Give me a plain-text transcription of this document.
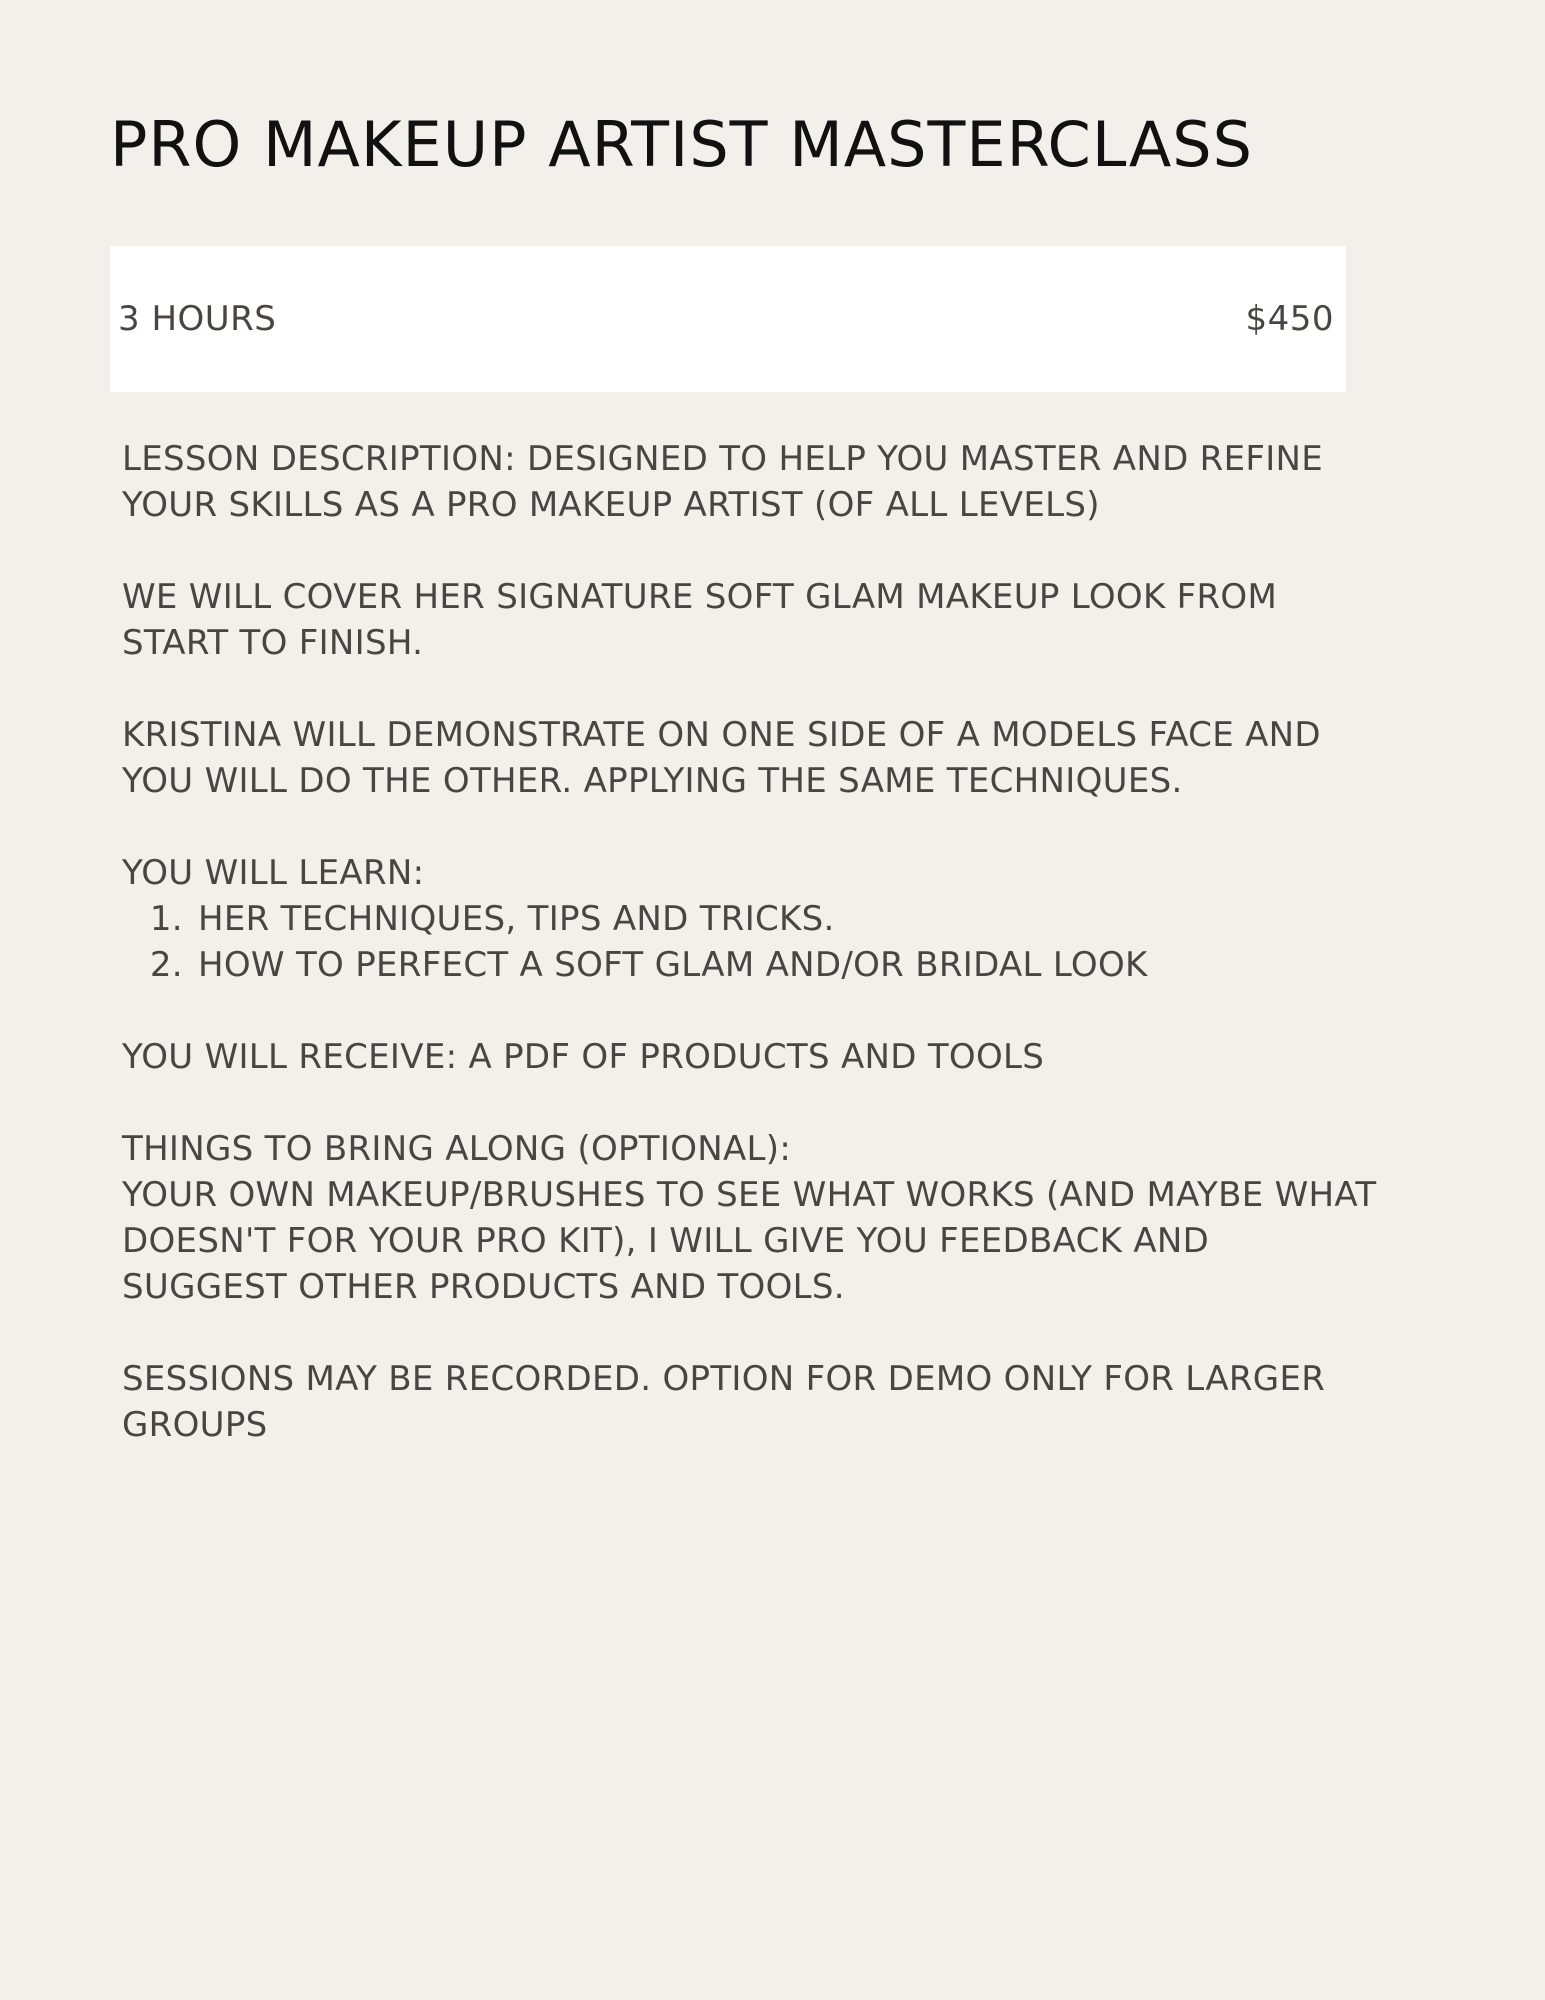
PRO MAKEUP ARTIST MASTERCLASS
3 HOURS	$450

LESSON DESCRIPTION: DESIGNED TO HELP YOU MASTER AND REFINE YOUR SKILLS AS A PRO MAKEUP ARTIST (OF ALL LEVELS)

WE WILL COVER HER SIGNATURE SOFT GLAM MAKEUP LOOK FROM START TO FINISH.

KRISTINA WILL DEMONSTRATE ON ONE SIDE OF A MODELS FACE AND YOU WILL DO THE OTHER. APPLYING THE SAME TECHNIQUES.

YOU WILL LEARN:
1. HER TECHNIQUES, TIPS AND TRICKS.
2. HOW TO PERFECT A SOFT GLAM AND/OR BRIDAL LOOK

YOU WILL RECEIVE: A PDF OF PRODUCTS AND TOOLS

THINGS TO BRING ALONG (OPTIONAL):
YOUR OWN MAKEUP/BRUSHES TO SEE WHAT WORKS (AND MAYBE WHAT DOESN'T FOR YOUR PRO KIT), I WILL GIVE YOU FEEDBACK AND SUGGEST OTHER PRODUCTS AND TOOLS.

SESSIONS MAY BE RECORDED. OPTION FOR DEMO ONLY FOR LARGER GROUPS
